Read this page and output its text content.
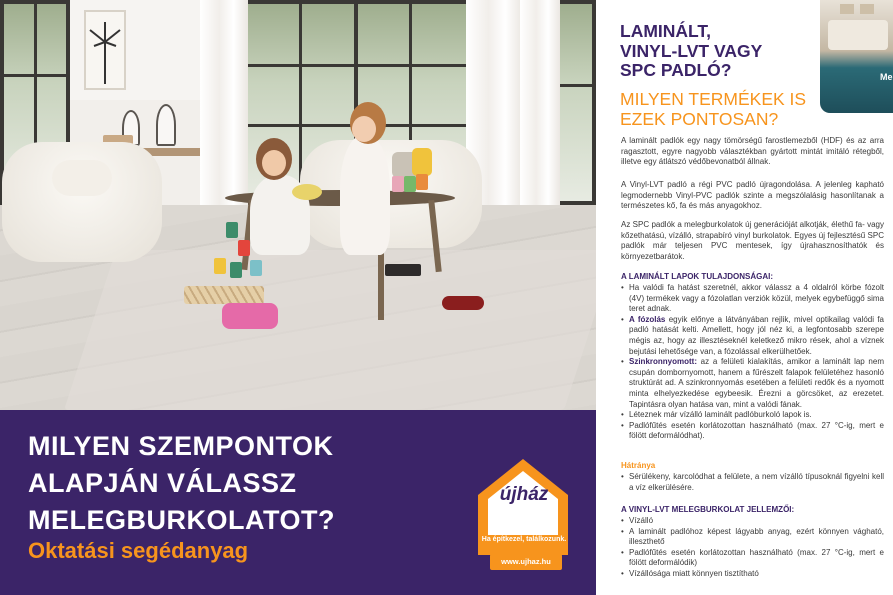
MILYEN SZEMPONTOK
ALAPJÁN VÁLASSZ
MELEGBURKOLATOT?
Oktatási segédanyag
újház
Ha építkezel, találkozunk.
www.ujhaz.hu
Me
LAMINÁLT,
VINYL-LVT VAGY
SPC PADLÓ?
MILYEN TERMÉKEK IS
EZEK PONTOSAN?

A laminált padlók egy nagy tömörségű farostlemezből (HDF) és az arra ragasztott, egyre nagyobb választékban gyártott mintát imitáló rétegből, illetve egy átlátszó védőbevonatból állnak.

A Vinyl-LVT padló a régi PVC padló újragondolása. A jelenleg kapható legmodernebb Vinyl-PVC padlók szinte a megszólalásig hasonlítanak a természetes kő, fa és más anyagokhoz.

Az SPC padlók a melegburkolatok új generációját alkotják, élethű fa- vagy kőzethatású, vízálló, strapabíró vinyl burkolatok. Egyes új fejlesztésű SPC padlók már teljesen PVC mentesek, így újrahasznosíthatók és környezetbarátok.

A LAMINÁLT LAPOK TULAJDONSÁGAI:
• Ha valódi fa hatást szeretnél, akkor válassz a 4 oldalról körbe fózolt (4V) termékek vagy a fózolatlan verziók közül, melyek egybefüggő sima teret adnak.
• A fózolás egyik előnye a látványában rejlik, mivel optikailag valódi fa padló hatását kelti. Amellett, hogy jól néz ki, a legfontosabb szerepe mégis az, hogy az illesztéseknél keletkező mikro rések, ahol a víznek bejutási lehetősége van, a fózolással elkerülhetőek.
• Szinkronnyomott: az a felületi kialakítás, amikor a laminált lap nem csupán dombornyomott, hanem a fűrészelt falapok felületéhez hasonló struktúrát ad. A szinkronnyomás esetében a felületi redők és a nyomott minta elhelyezkedése egybeesik. Érezni a görcsöket, az erezetet. Tapintásra olyan hatása van, mint a valódi fának.
• Léteznek már vízálló laminált padlóburkoló lapok is.
• Padlófűtés esetén korlátozottan használható (max. 27 °C-ig, mert e fölött deformálódhat).
Hátránya
• Sérülékeny, karcolódhat a felülete, a nem vízálló típusoknál figyelni kell a víz elkerülésére.
A VINYL-LVT MELEGBURKOLAT JELLEMZŐI:
• Vízálló
• A laminált padlóhoz képest lágyabb anyag, ezért könnyen vágható, illeszthető
• Padlófűtés esetén korlátozottan használható (max. 27 °C-ig, mert e fölött deformálódik)
• Vízállósága miatt könnyen tisztítható
